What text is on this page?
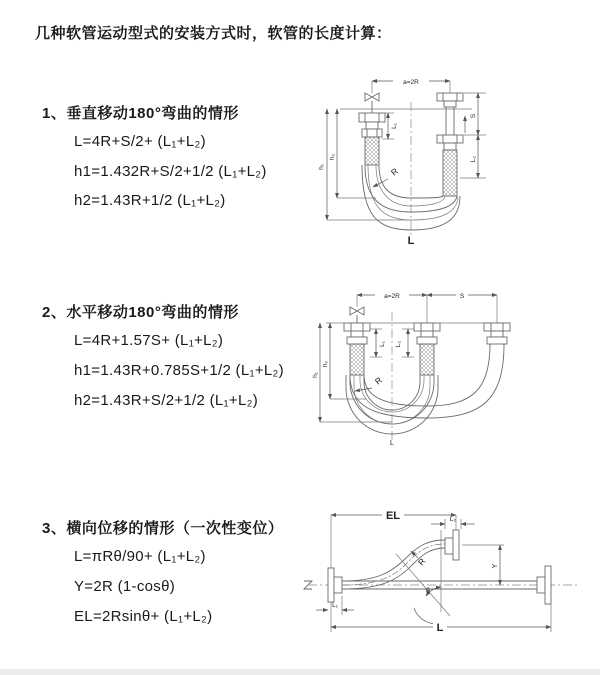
几种软管运动型式的安装方式时，软管的长度计算：
1、垂直移动180°弯曲的情形
L=4R+S/2+ (L₁+L₂)
h1=1.432R+S/2+1/2 (L₁+L₂)
h2=1.43R+1/2 (L₁+L₂)
2、水平移动180°弯曲的情形
L=4R+1.57S+ (L₁+L₂)
h1=1.43R+0.785S+1/2 (L₁+L₂)
h2=1.43R+S/2+1/2 (L₁+L₂)
3、横向位移的情形（一次性变位）
L=πRθ/90+ (L₁+L₂)
Y=2R (1-cosθ)
EL=2Rsinθ+ (L₁+L₂)
a=2R
h₁
h₂
L₁
S
L₂
R
L
a=2R	S
h₁
h₂
L₁ L₂
R
L
EL	L₂
Y
θ
R
L₁
L
